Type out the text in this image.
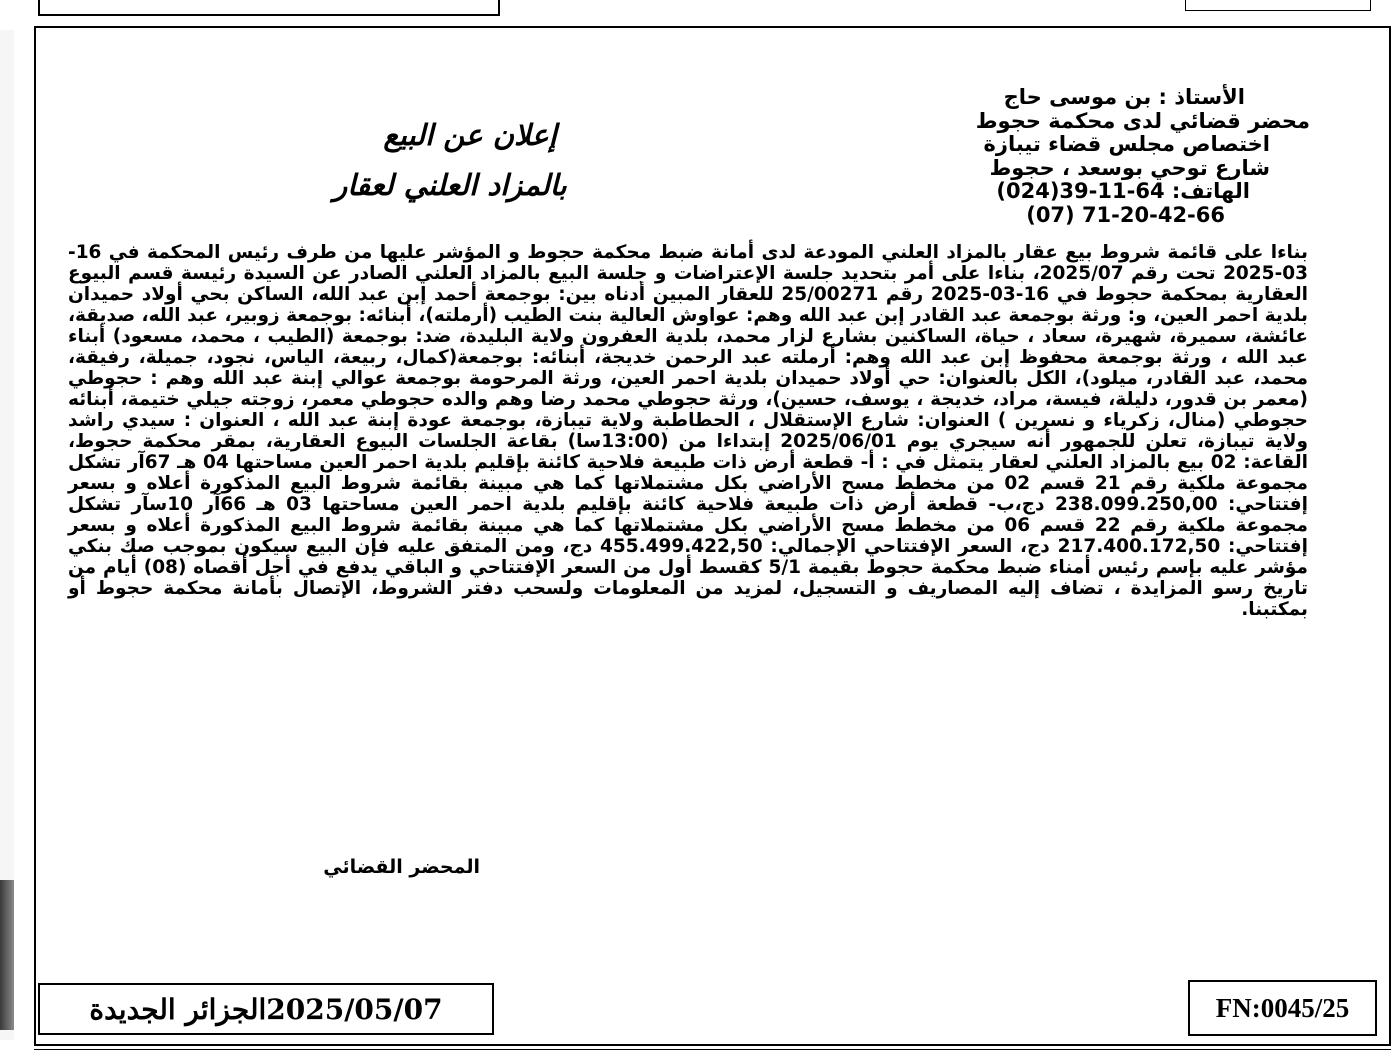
الأستاذ : بن موسى حاج
محضر قضائي لدى محكمة حجوط
اختصاص مجلس قضاء تيبازة
شارع توحي بوسعد ، حجوط
الهاتف: 64-11-39(024)
(07) 71-20-42-66
إعلان عن البيع
بالمزاد العلني لعقار
بناءا على قائمة شروط بيع عقار بالمزاد العلني المودعة لدى أمانة ضبط محكمة حجوط و المؤشر عليها من طرف رئيس المحكمة في 16-03-2025 تحت رقم 2025/07، بناءا على أمر بتحديد جلسة الإعتراضات و جلسة البيع بالمزاد العلني الصادر عن السيدة رئيسة قسم البيوع العقارية بمحكمة حجوط في 16-03-2025 رقم 25/00271 للعقار المبين أدناه بين: بوجمعة أحمد إبن عبد الله، الساكن بحي أولاد حميدان بلدية احمر العين، و: ورثة بوجمعة عبد القادر إبن عبد الله وهم: عواوش العالية بنت الطيب (أرملته)، أبنائه: بوجمعة زوبير، عبد الله، صديقة، عائشة، سميرة، شهيرة، سعاد ، حياة، الساكنين بشارع لزار محمد، بلدية العفرون ولاية البليدة، ضد: بوجمعة (الطيب ، محمد، مسعود) أبناء عبد الله ، ورثة بوجمعة محفوظ إبن عبد الله وهم: أرملته عبد الرحمن خديجة، أبنائه: بوجمعة(كمال، ربيعة، الياس، نجود، جميلة، رفيقة، محمد، عبد القادر، ميلود)، الكل بالعنوان: حي أولاد حميدان بلدية احمر العين، ورثة المرحومة بوجمعة عوالي إبنة عبد الله وهم : حجوطي (معمر بن قدور، دليلة، فيسة، مراد، خديجة ، يوسف، حسين)، ورثة حجوطي محمد رضا وهم والده حجوطي معمر، زوجته جيلي ختيمة، أبنائه حجوطي (منال، زكرياء و نسرين ) العنوان: شارع الإستقلال ، الحطاطبة ولاية تيبازة، بوجمعة عودة إبنة عبد الله ، العنوان : سيدي راشد ولاية تيبازة، تعلن للجمهور أنه سيجري يوم 2025/06/01 إبتداءا من (13:00سا) بقاعة الجلسات البيوع العقارية، بمقر محكمة حجوط، القاعة: 02 بيع بالمزاد العلني لعقار يتمثل في : أ- قطعة أرض ذات طبيعة فلاحية كائنة بإقليم بلدية احمر العين مساحتها 04 هـ 67آر تشكل مجموعة ملكية رقم 21 قسم 02 من مخطط مسح الأراضي بكل مشتملاتها كما هي مبينة بقائمة شروط البيع المذكورة أعلاه و بسعر إفتتاحي: 238.099.250,00 دج،ب- قطعة أرض ذات طبيعة فلاحية كائنة بإقليم بلدية احمر العين مساحتها 03 هـ 66آر 10سآر تشكل مجموعة ملكية رقم 22 قسم 06 من مخطط مسح الأراضي بكل مشتملاتها كما هي مبينة بقائمة شروط البيع المذكورة أعلاه و بسعر إفتتاحي: 217.400.172,50 دج، السعر الإفتتاحي الإجمالي: 455.499.422,50 دج، ومن المتفق عليه فإن البيع سيكون بموجب صك بنكي مؤشر عليه بإسم رئيس أمناء ضبط محكمة حجوط بقيمة 5/1 كقسط أول من السعر الإفتتاحي و الباقي يدفع في أجل أقصاه (08) أيام من تاريخ رسو المزايدة ، تضاف إليه المصاريف و التسجيل، لمزيد من المعلومات ولسحب دفتر الشروط، الإتصال بأمانة محكمة حجوط أو بمكتبنا.
المحضر القضائي
الجزائر الجديدة 2025/05/07	FN:0045/25
